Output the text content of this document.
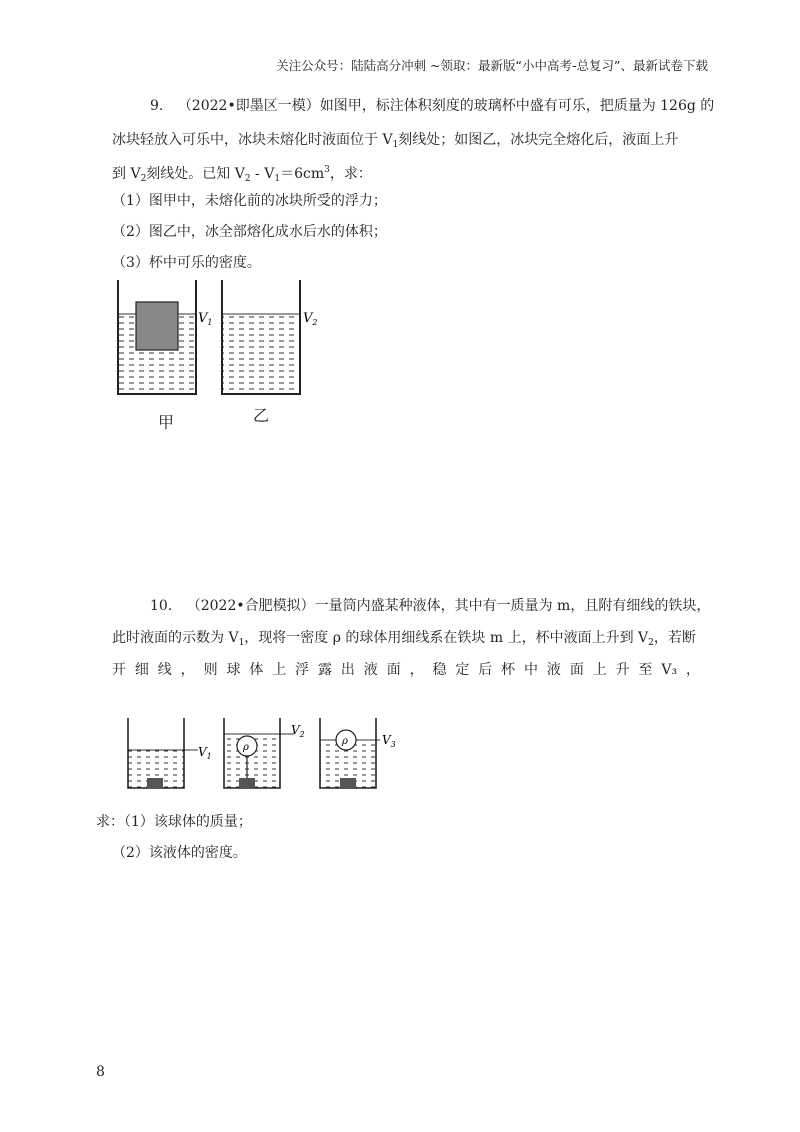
关注公众号：陆陆高分冲刺 ~领取：最新版“小中高考-总复习”、最新试卷下载
9. （2022•即墨区一模）如图甲，标注体积刻度的玻璃杯中盛有可乐，把质量为 126g 的
冰块轻放入可乐中，冰块未熔化时液面位于 $V_1$刻线处；如图乙，冰块完全熔化后，液面上升
到 $V_2$刻线处。已知 $V_2 - V_1=6cm^3$，求：
（1）图甲中，未熔化前的冰块所受的浮力；
（2）图乙中，冰全部熔化成水后水的体积；
（3）杯中可乐的密度。
$V_1$	$V_2$
甲	乙
10. （2022•合肥模拟）一量筒内盛某种液体，其中有一质量为 m，且附有细线的铁块，
此时液面的示数为 $V_1$，现将一密度 ρ 的球体用细线系在铁块 m 上，杯中液面上升到 $V_2$，若断
开 细 线 ， 则 球 体 上 浮 露 出 液 面 ， 稳 定 后 杯 中 液 面 上 升 至 V₃ ，
$V_1$
ρ
$V_2$
ρ	$V_3$
求：（1）该球体的质量；
（2）该液体的密度。
8
